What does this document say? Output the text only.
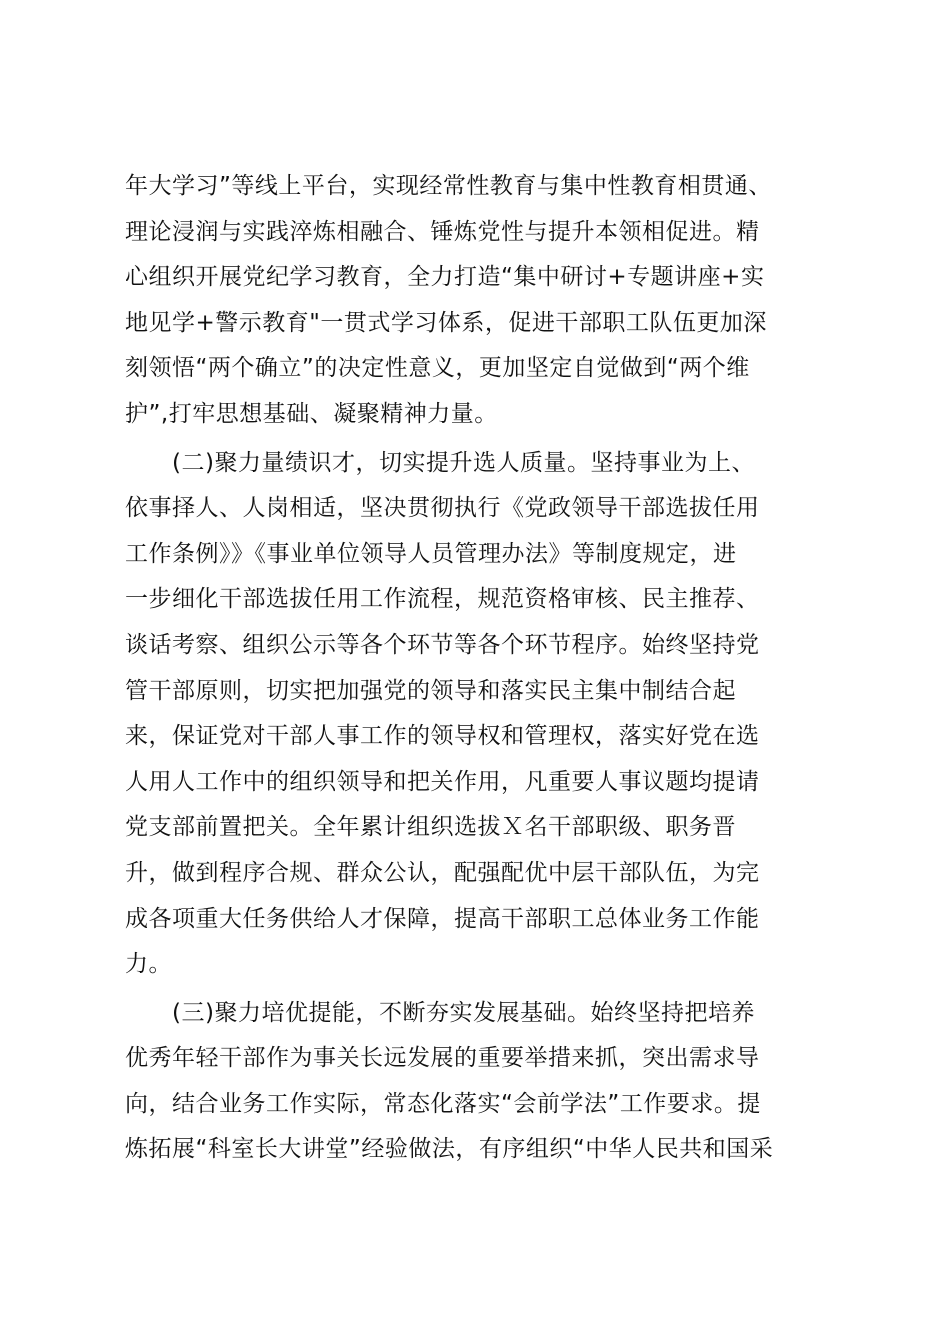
年大学习”等线上平台，实现经常性教育与集中性教育相贯通、
理论浸润与实践淬炼相融合、锤炼党性与提升本领相促进。精
心组织开展党纪学习教育，全力打造“集中研讨+专题讲座+实
地见学+警示教育"一贯式学习体系，促进干部职工队伍更加深
刻领悟“两个确立”的决定性意义，更加坚定自觉做到“两个维
护”,打牢思想基础、凝聚精神力量。
　　(二)聚力量绩识才，切实提升选人质量。坚持事业为上、
依事择人、人岗相适，坚决贯彻执行《党政领导干部选拔任用
工作条例》》《事业单位领导人员管理办法》等制度规定，进
一步细化干部选拔任用工作流程，规范资格审核、民主推荐、
谈话考察、组织公示等各个环节等各个环节程序。始终坚持党
管干部原则，切实把加强党的领导和落实民主集中制结合起
来，保证党对干部人事工作的领导权和管理权，落实好党在选
人用人工作中的组织领导和把关作用，凡重要人事议题均提请
党支部前置把关。全年累计组织选拔Ｘ名干部职级、职务晋
升，做到程序合规、群众公认，配强配优中层干部队伍，为完
成各项重大任务供给人才保障，提高干部职工总体业务工作能
力。
　　(三)聚力培优提能，不断夯实发展基础。始终坚持把培养
优秀年轻干部作为事关长远发展的重要举措来抓，突出需求导
向，结合业务工作实际，常态化落实“会前学法”工作要求。提
炼拓展“科室长大讲堂”经验做法，有序组织“中华人民共和国采
